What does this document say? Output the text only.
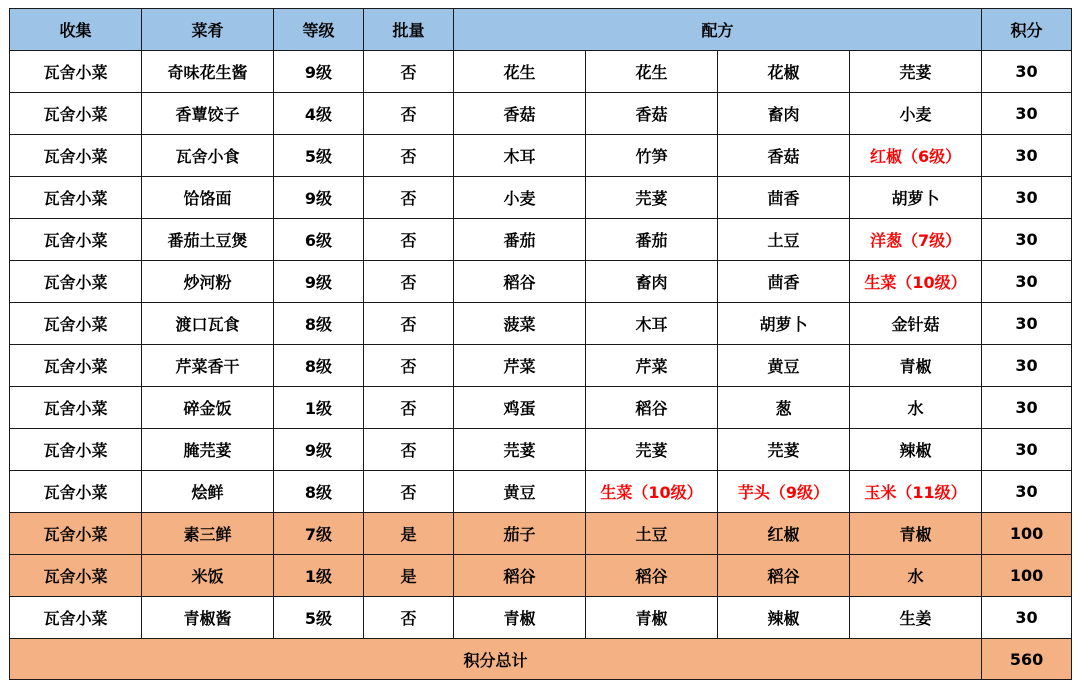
收集	菜肴	等级	批量	配方				积分
瓦舍小菜	奇味花生酱	9级	否	花生	花生	花椒	芫荽	30
瓦舍小菜	香蕈饺子	4级	否	香菇	香菇	畜肉	小麦	30
瓦舍小菜	瓦舍小食	5级	否	木耳	竹笋	香菇	红椒（6级）	30
瓦舍小菜	饸饹面	9级	否	小麦	芫荽	茴香	胡萝卜	30
瓦舍小菜	番茄土豆煲	6级	否	番茄	番茄	土豆	洋葱（7级）	30
瓦舍小菜	炒河粉	9级	否	稻谷	畜肉	茴香	生菜（10级）	30
瓦舍小菜	渡口瓦食	8级	否	菠菜	木耳	胡萝卜	金针菇	30
瓦舍小菜	芹菜香干	8级	否	芹菜	芹菜	黄豆	青椒	30
瓦舍小菜	碎金饭	1级	否	鸡蛋	稻谷	葱	水	30
瓦舍小菜	腌芫荽	9级	否	芫荽	芫荽	芫荽	辣椒	30
瓦舍小菜	烩鲜	8级	否	黄豆	生菜（10级）	芋头（9级）	玉米（11级）	30
瓦舍小菜	素三鲜	7级	是	茄子	土豆	红椒	青椒	100
瓦舍小菜	米饭	1级	是	稻谷	稻谷	稻谷	水	100
瓦舍小菜	青椒酱	5级	否	青椒	青椒	辣椒	生姜	30
积分总计								560
